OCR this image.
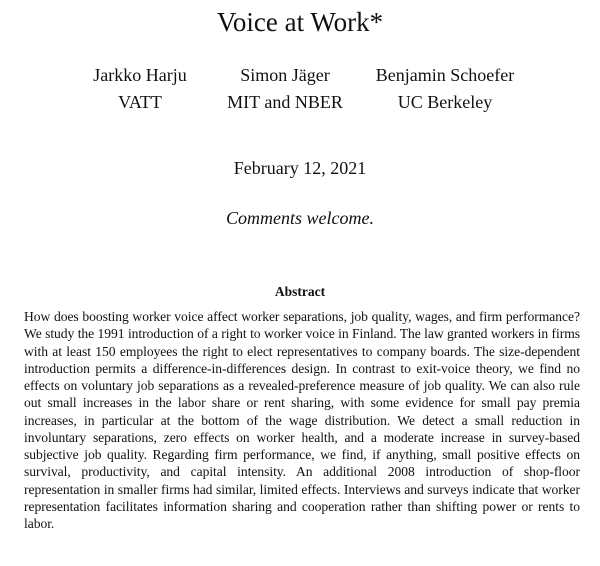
Voice at Work*
Jarkko Harju
VATT
Simon Jäger
MIT and NBER
Benjamin Schoefer
UC Berkeley
February 12, 2021
Comments welcome.
Abstract

How does boosting worker voice affect worker separations, job quality, wages, and firm performance? We study the 1991 introduction of a right to worker voice in Finland. The law granted workers in firms with at least 150 employees the right to elect representatives to company boards. The size-dependent introduction permits a difference-in-differences design. In contrast to exit-voice theory, we find no effects on voluntary job separations as a revealed-preference measure of job quality. We can also rule out small increases in the labor share or rent sharing, with some evidence for small pay premia increases, in particular at the bottom of the wage distribution. We detect a small reduction in involuntary separations, zero effects on worker health, and a moderate increase in survey-based subjective job quality. Regarding firm performance, we find, if anything, small positive effects on survival, productivity, and capital intensity. An additional 2008 introduction of shop-floor representation in smaller firms had similar, limited effects. Interviews and surveys indicate that worker representation facilitates information sharing and cooperation rather than shifting power or rents to labor.
